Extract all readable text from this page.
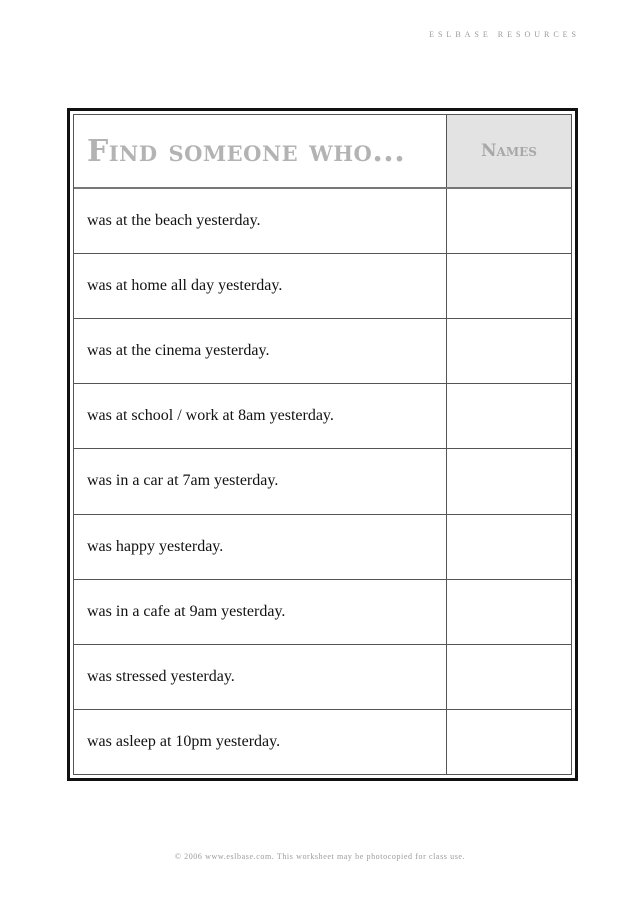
ESLBASE RESOURCES
Find someone who...	Names
was at the beach yesterday.
was at home all day yesterday.
was at the cinema yesterday.
was at school / work at 8am yesterday.
was in a car at 7am yesterday.
was happy yesterday.
was in a cafe at 9am yesterday.
was stressed yesterday.
was asleep at 10pm yesterday.
© 2006 www.eslbase.com. This worksheet may be photocopied for class use.
